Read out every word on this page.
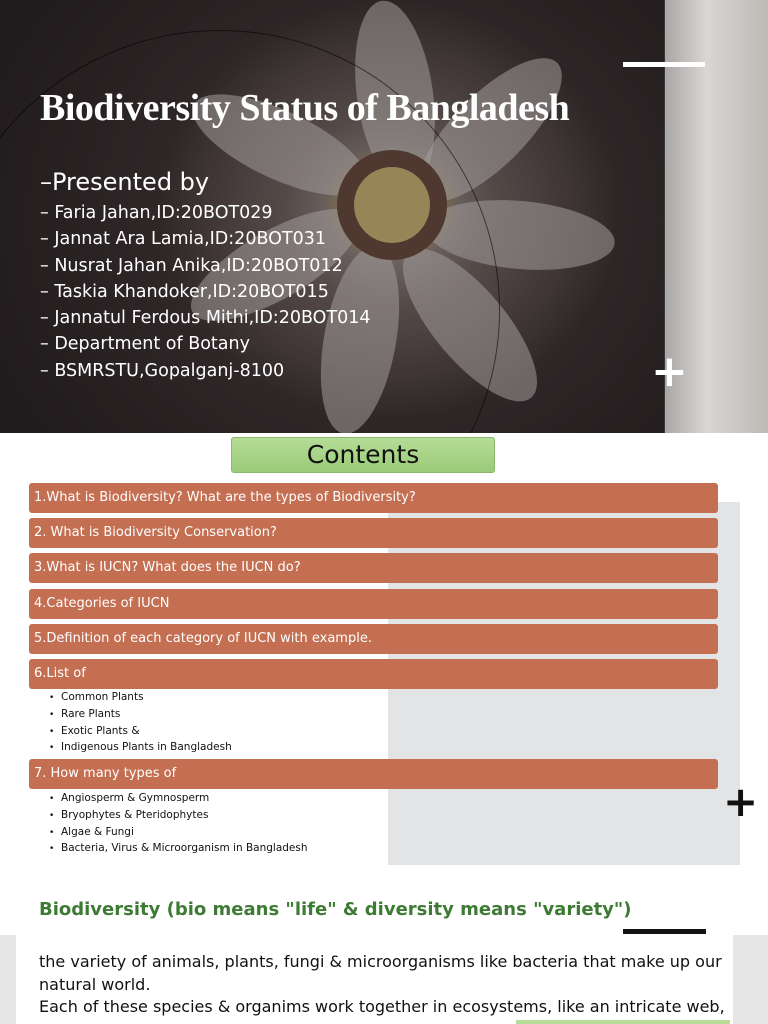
Biodiversity Status of Bangladesh
–Presented by
– Faria Jahan,ID:20BOT029
– Jannat Ara Lamia,ID:20BOT031
– Nusrat Jahan Anika,ID:20BOT012
– Taskia Khandoker,ID:20BOT015
– Jannatul Ferdous Mithi,ID:20BOT014
– Department of Botany
– BSMRSTU,Gopalganj-8100	+
Contents
1.What is Biodiversity? What are the types of Biodiversity?
2. What is Biodiversity Conservation?
3.What is IUCN? What does the IUCN do?
4.Categories of IUCN
5.Definition of each category of IUCN with example.
6.List of
• Common Plants
• Rare Plants
• Exotic Plants &
• Indigenous Plants in Bangladesh
7. How many types of
• Angiosperm & Gymnosperm
• Bryophytes & Pteridophytes
• Algae & Fungi
• Bacteria, Virus & Microorganism in Bangladesh
+
Biodiversity (bio means "life" & diversity means "variety")

the variety of animals, plants, fungi & microorganisms like bacteria that make up our natural world.

Each of these species & organims work together in ecosystems, like an intricate web,
